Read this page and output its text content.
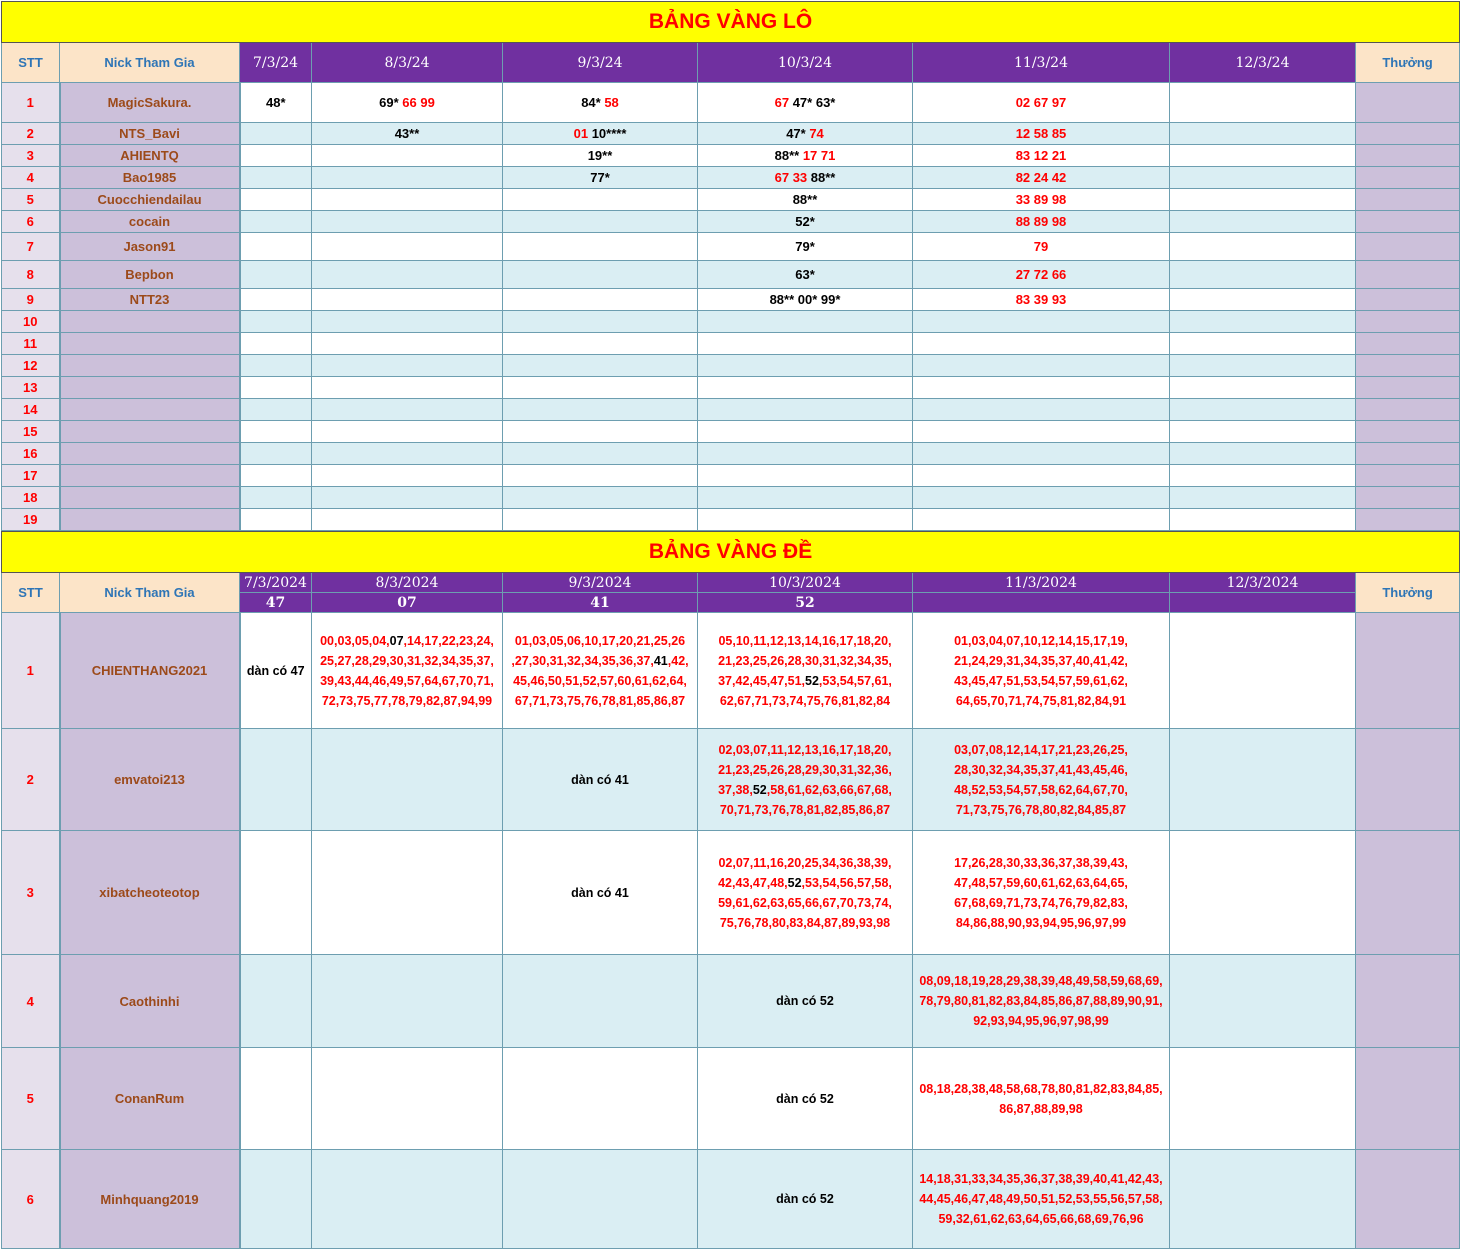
BẢNG VÀNG LÔ								
STT	Nick Tham Gia	7/3/24	8/3/24	9/3/24	10/3/24	11/3/24	12/3/24	Thưởng
1	MagicSakura.	48*	69* 66 99	84* 58	67 47* 63*	02 67 97		
2	NTS_Bavi		43**	01 10****	47* 74	12 58 85		
3	AHIENTQ			19**	88** 17 71	83 12 21		
4	Bao1985			77*	67 33 88**	82 24 42		
5	Cuocchiendailau				88**	33 89 98		
6	cocain				52*	88 89 98		
7	Jason91				79*	79		
8	Bepbon				63*	27 72 66		
9	NTT23				88** 00* 99*	83 39 93		
10								
11								
12								
13								
14								
15								
16								
17								
18								
19								
BẢNG VÀNG ĐỀ								
STT	Nick Tham Gia	7/3/2024	8/3/2024	9/3/2024	10/3/2024	11/3/2024	12/3/2024	Thưởng
		47	07	41	52			
1	CHIENTHANG2021	dàn có 47	00,03,05,04,07,14,17,22,23,24,
25,27,28,29,30,31,32,34,35,37,
39,43,44,46,49,57,64,67,70,71,
72,73,75,77,78,79,82,87,94,99	01,03,05,06,10,17,20,21,25,26
,27,30,31,32,34,35,36,37,41,42,
45,46,50,51,52,57,60,61,62,64,
67,71,73,75,76,78,81,85,86,87	05,10,11,12,13,14,16,17,18,20,
21,23,25,26,28,30,31,32,34,35,
37,42,45,47,51,52,53,54,57,61,
62,67,71,73,74,75,76,81,82,84	01,03,04,07,10,12,14,15,17,19,
21,24,29,31,34,35,37,40,41,42,
43,45,47,51,53,54,57,59,61,62,
64,65,70,71,74,75,81,82,84,91		
2	emvatoi213			dàn có 41	02,03,07,11,12,13,16,17,18,20,
21,23,25,26,28,29,30,31,32,36,
37,38,52,58,61,62,63,66,67,68,
70,71,73,76,78,81,82,85,86,87	03,07,08,12,14,17,21,23,26,25,
28,30,32,34,35,37,41,43,45,46,
48,52,53,54,57,58,62,64,67,70,
71,73,75,76,78,80,82,84,85,87		
3	xibatcheoteotop			dàn có 41	02,07,11,16,20,25,34,36,38,39,
42,43,47,48,52,53,54,56,57,58,
59,61,62,63,65,66,67,70,73,74,
75,76,78,80,83,84,87,89,93,98	17,26,28,30,33,36,37,38,39,43,
47,48,57,59,60,61,62,63,64,65,
67,68,69,71,73,74,76,79,82,83,
84,86,88,90,93,94,95,96,97,99		
4	Caothinhi				dàn có 52	08,09,18,19,28,29,38,39,48,49,58,59,68,69,
78,79,80,81,82,83,84,85,86,87,88,89,90,91,
92,93,94,95,96,97,98,99		
5	ConanRum				dàn có 52	08,18,28,38,48,58,68,78,80,81,82,83,84,85,
86,87,88,89,98		
6	Minhquang2019				dàn có 52	14,18,31,33,34,35,36,37,38,39,40,41,42,43,
44,45,46,47,48,49,50,51,52,53,55,56,57,58,
59,32,61,62,63,64,65,66,68,69,76,96		
